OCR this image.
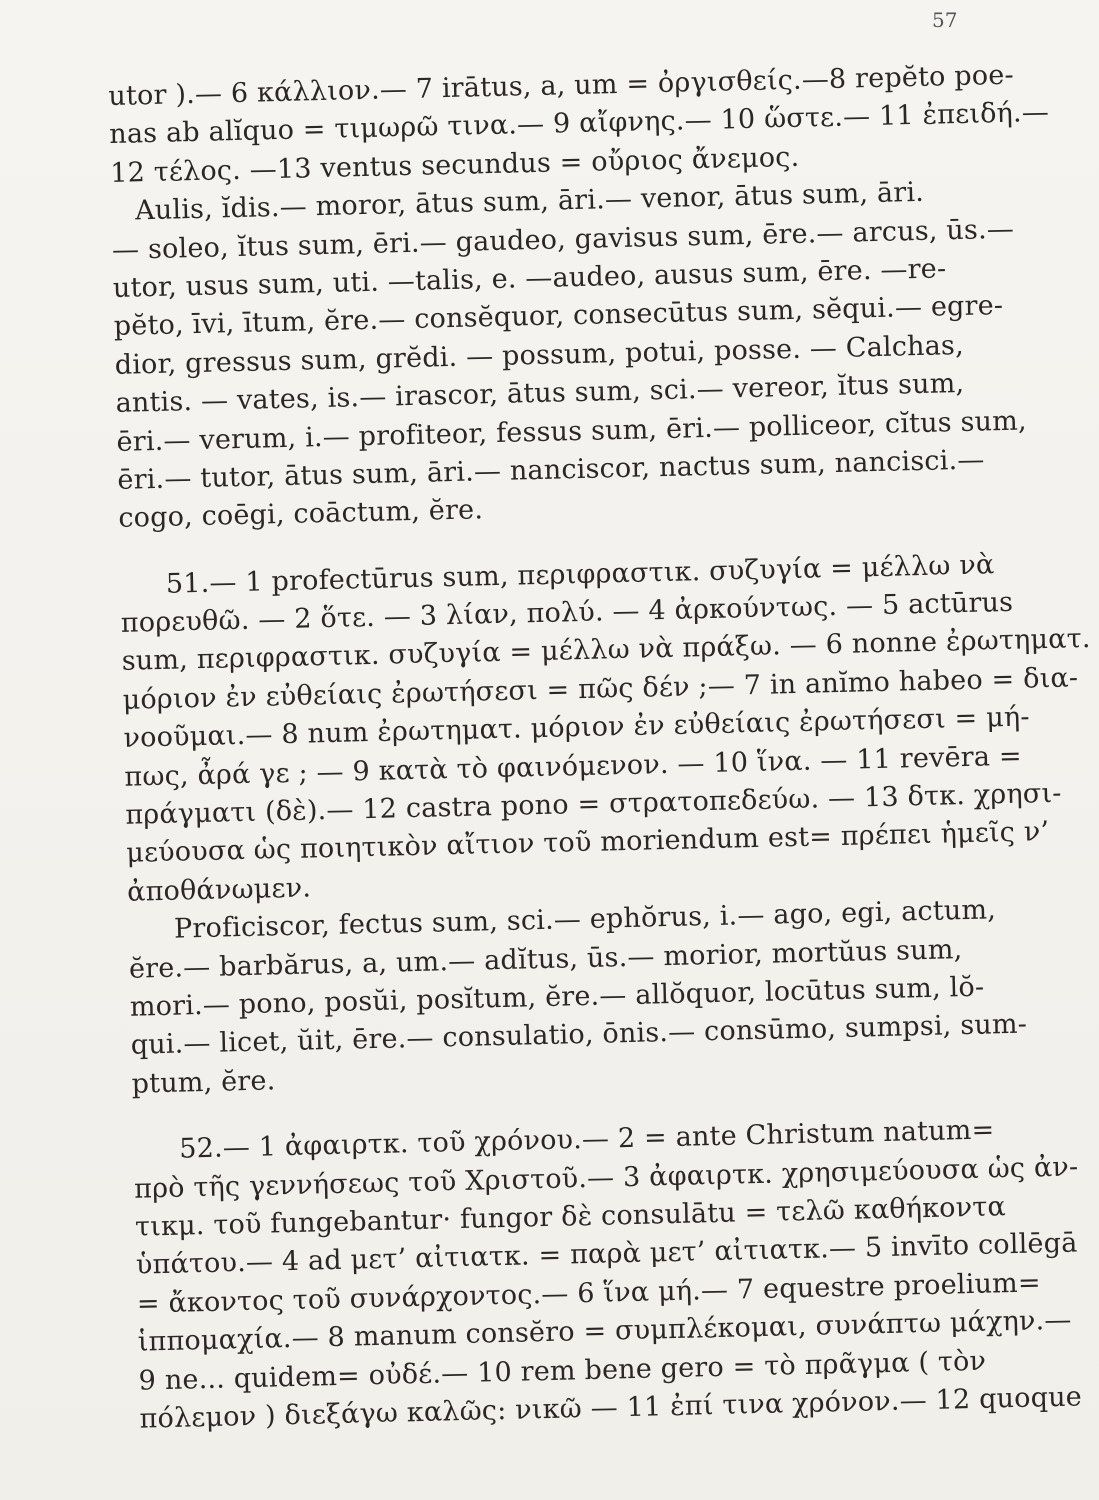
57
utor ).— 6 κάλλιον.— 7 irātus, a, um = ὀργισθείς.—8 repĕto poe-
nas ab alĭquo = τιμωρῶ τινα.— 9 αἴφνης.— 10 ὥστε.— 11 ἐπειδή.—
12 τέλος. —13 ventus secundus = οὔριος ἄνεμος.
Aulis, ĭdis.— moror, ātus sum, āri.— venor, ātus sum, āri.
— soleo, ĭtus sum, ēri.— gaudeo, gavisus sum, ēre.— arcus, ūs.—
utor, usus sum, uti. —talis, e. —audeo, ausus sum, ēre. —re-
pĕto, īvi, ītum, ĕre.— consĕquor, consecūtus sum, sĕqui.— egre-
dior, gressus sum, grĕdi. — possum, potui, posse. — Calchas,
antis. — vates, is.— irascor, ātus sum, sci.— vereor, ĭtus sum,
ēri.— verum, i.— profiteor, fessus sum, ēri.— polliceor, cĭtus sum,
ēri.— tutor, ātus sum, āri.— nanciscor, nactus sum, nancisci.—
cogo, coēgi, coāctum, ĕre.
51.— 1 profectūrus sum, περιφραστικ. συζυγία = μέλλω νὰ
πορευθῶ. — 2 ὅτε. — 3 λίαν, πολύ. — 4 ἀρκούντως. — 5 actūrus
sum, περιφραστικ. συζυγία = μέλλω νὰ πράξω. — 6 nonne ἐρωτηματ.
μόριον ἐν εὐθείαις ἐρωτήσεσι = πῶς δέν ;— 7 in anĭmo habeo = δια-
νοοῦμαι.— 8 num ἐρωτηματ. μόριον ἐν εὐθείαις ἐρωτήσεσι = μή-
πως, ἆρά γε ; — 9 κατὰ τὸ φαινόμενον. — 10 ἵνα. — 11 revēra =
πράγματι (δὲ).— 12 castra pono = στρατοπεδεύω. — 13 δτκ. χρησι-
μεύουσα ὡς ποιητικὸν αἴτιον τοῦ moriendum est= πρέπει ἡμεῖς ν’
ἀποθάνωμεν.
Proficiscor, fectus sum, sci.— ephŏrus, i.— ago, egi, actum,
ĕre.— barbărus, a, um.— adĭtus, ūs.— morior, mortŭus sum,
mori.— pono, posŭi, posĭtum, ĕre.— allŏquor, locūtus sum, lŏ-
qui.— licet, ŭit, ēre.— consulatio, ōnis.— consūmo, sumpsi, sum-
ptum, ĕre.
52.— 1 ἀφαιρτκ. τοῦ χρόνου.— 2 = ante Christum natum=
πρὸ τῆς γεννήσεως τοῦ Χριστοῦ.— 3 ἀφαιρτκ. χρησιμεύουσα ὡς ἀν-
τικμ. τοῦ fungebantur· fungor δὲ consulātu = τελῶ καθήκοντα
ὑπάτου.— 4 ad μετ’ αἰτιατκ. = παρὰ μετ’ αἰτιατκ.— 5 invīto collēgā
= ἄκοντος τοῦ συνάρχοντος.— 6 ἵνα μή.— 7 equestre proelium=
ἱππομαχία.— 8 manum consĕro = συμπλέκομαι, συνάπτω μάχην.—
9 ne... quidem= οὐδέ.— 10 rem bene gero = τὸ πρᾶγμα ( τὸν
πόλεμον ) διεξάγω καλῶς: νικῶ — 11 ἐπί τινα χρόνον.— 12 quoque
